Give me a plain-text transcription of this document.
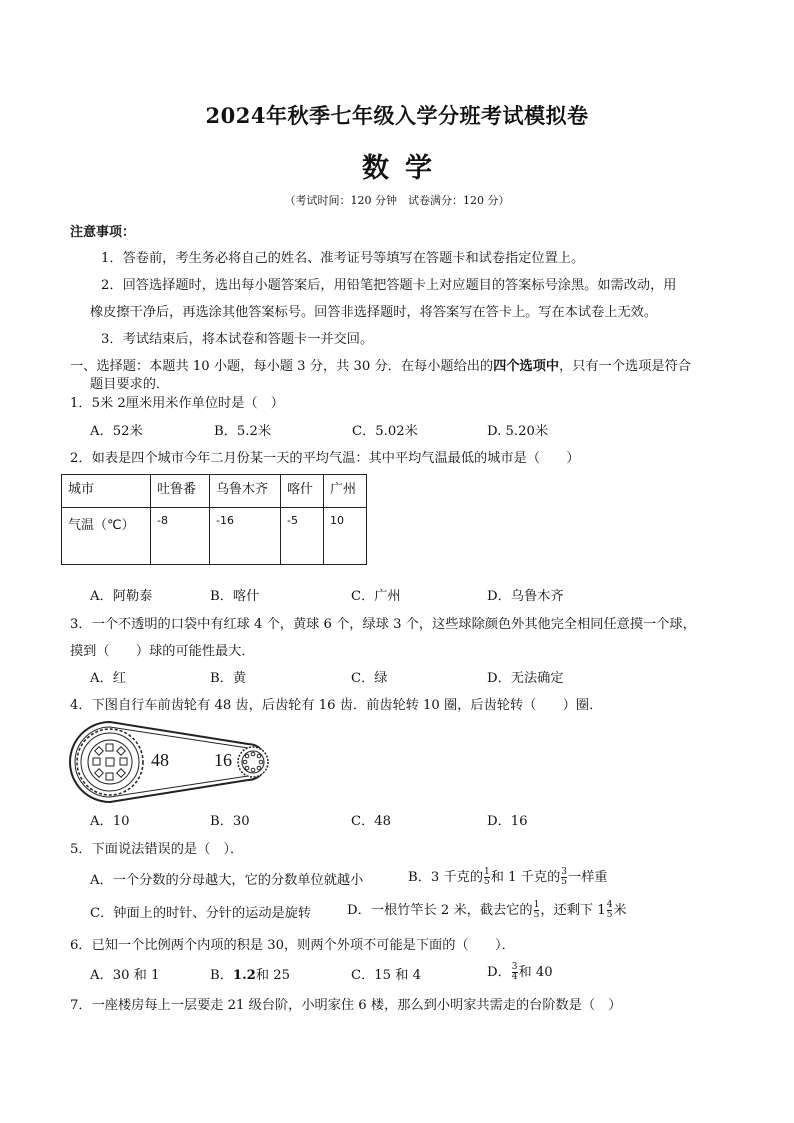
2024年秋季七年级入学分班考试模拟卷
数学
（考试时间：120 分钟　试卷满分：120 分）
注意事项：
1．答卷前，考生务必将自己的姓名、准考证号等填写在答题卡和试卷指定位置上。
2．回答选择题时，选出每小题答案后，用铅笔把答题卡上对应题目的答案标号涂黑。如需改动，用
橡皮擦干净后，再选涂其他答案标号。回答非选择题时，将答案写在答卡上。写在本试卷上无效。
3．考试结束后，将本试卷和答题卡一并交回。
一、选择题：本题共 10 小题，每小题 3 分，共 30 分．在每小题给出的四个选项中，只有一个选项是符合
题目要求的．
1．5米 2厘米用米作单位时是（　）
A．52米	B．5.2米	C．5.02米	D. 5.20米
2．如表是四个城市今年二月份某一天的平均气温：其中平均气温最低的城市是（　　）
城市	吐鲁番	乌鲁木齐	喀什	广州
气温（℃）	-8	-16	-5	10
A．阿勒泰	B．喀什	C．广州	D．乌鲁木齐
3．一个不透明的口袋中有红球 4 个，黄球 6 个，绿球 3 个，这些球除颜色外其他完全相同任意摸一个球，
摸到（　　）球的可能性最大．
A．红	B．黄	C．绿	D．无法确定
4．下图自行车前齿轮有 48 齿，后齿轮有 16 齿．前齿轮转 10 圈，后齿轮转（　　）圈．
48	16
A．10	B．30	C．48	D．16
5．下面说法错误的是（　）．
A．一个分数的分母越大，它的分数单位就越小	B．3 千克的 $\frac{1}{5}$ 和 1 千克的 $\frac{3}{5}$ 一样重
C．钟面上的时针、分针的运动是旋转	D．一根竹竿长 2 米，截去它的 $\frac{1}{5}$ ，还剩下 $1 \frac{4}{5}$ 米
6．已知一个比例两个内项的积是 30，则两个外项不可能是下面的（　　）．
A．30 和 1	B．1.2和 25	C．15 和 4	D． $\frac{3}{4}$ 和 40
7．一座楼房每上一层要走 21 级台阶，小明家住 6 楼，那么到小明家共需走的台阶数是（　）
